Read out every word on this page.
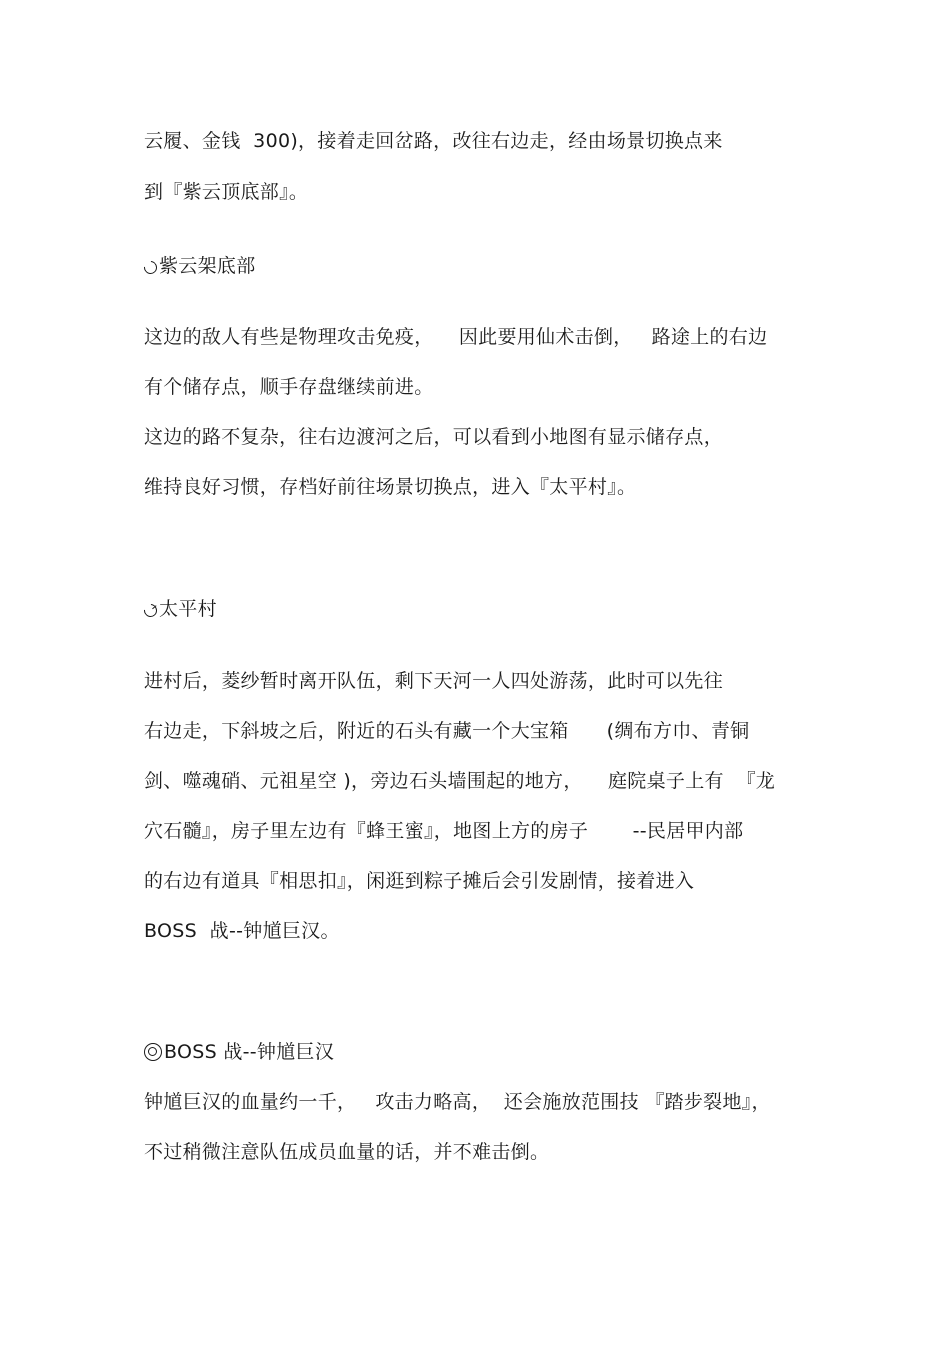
云履、金钱  300)，接着走回岔路，改往右边走，经由场景切换点来
到『紫云顶底部』。
紫云架底部
这边的敌人有些是物理攻击免疫，    因此要用仙术击倒，   路途上的右边
有个储存点，顺手存盘继续前进。
这边的路不复杂，往右边渡河之后，可以看到小地图有显示储存点，
维持良好习惯，存档好前往场景切换点，进入『太平村』。
太平村
进村后，菱纱暂时离开队伍，剩下天河一人四处游荡，此时可以先往
右边走，下斜坡之后，附近的石头有藏一个大宝箱      (绸布方巾、青铜
剑、噬魂硝、元祖星空 )，旁边石头墙围起的地方，    庭院桌子上有  『龙
穴石髓』，房子里左边有『蜂王蜜』，地图上方的房子       --民居甲内部
的右边有道具『相思扣』，闲逛到粽子摊后会引发剧情，接着进入
BOSS  战--钟馗巨汉。
BOSS 战--钟馗巨汉
钟馗巨汉的血量约一千，   攻击力略高，  还会施放范围技 『踏步裂地』，
不过稍微注意队伍成员血量的话，并不难击倒。
